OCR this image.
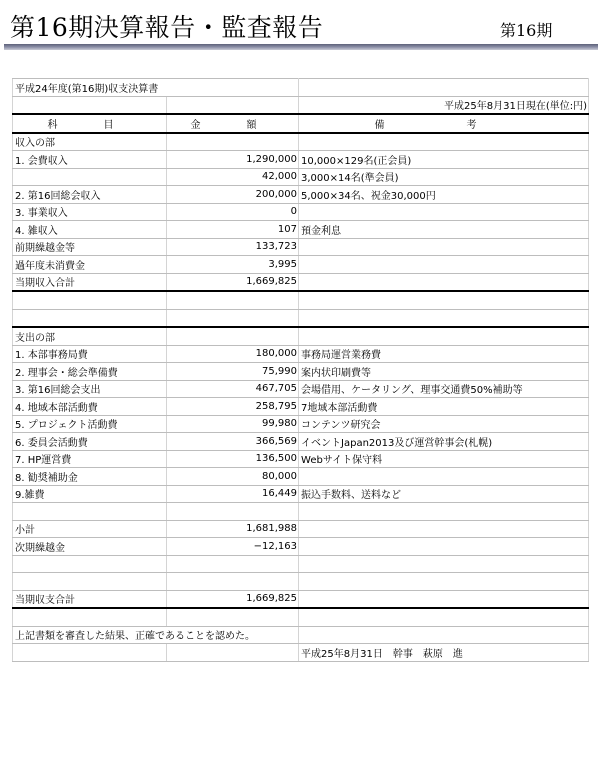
第16期決算報告・監査報告	第16期
平成24年度(第16期)収支決算書		
		平成25年8月31日現在(単位:円)
科　目	金　額	備　考
収入の部		
1. 会費収入	1,290,000	10,000×129名(正会員)
	42,000	3,000×14名(準会員)
2. 第16回総会収入	200,000	5,000×34名、祝金30,000円
3. 事業収入	0	
4. 雑収入	107	預金利息
前期繰越金等	133,723	
過年度未消費金	3,995	
当期収入合計	1,669,825	

支出の部		
1. 本部事務局費	180,000	事務局運営業務費
2. 理事会・総会準備費	75,990	案内状印刷費等
3. 第16回総会支出	467,705	会場借用、ケータリング、理事交通費50%補助等
4. 地域本部活動費	258,795	7地域本部活動費
5. プロジェクト活動費	99,980	コンテンツ研究会
6. 委員会活動費	366,569	イベントJapan2013及び運営幹事会(札幌)
7. HP運営費	136,500	Webサイト保守料
8. 勧奨補助金	80,000	
9.雑費	16,449	振込手数料、送料など

小計	1,681,988	
次期繰越金	−12,163	

当期収支合計	1,669,825	

上記書類を審査した結果、正確であることを認めた。		
		平成25年8月31日　幹事　萩原　進
